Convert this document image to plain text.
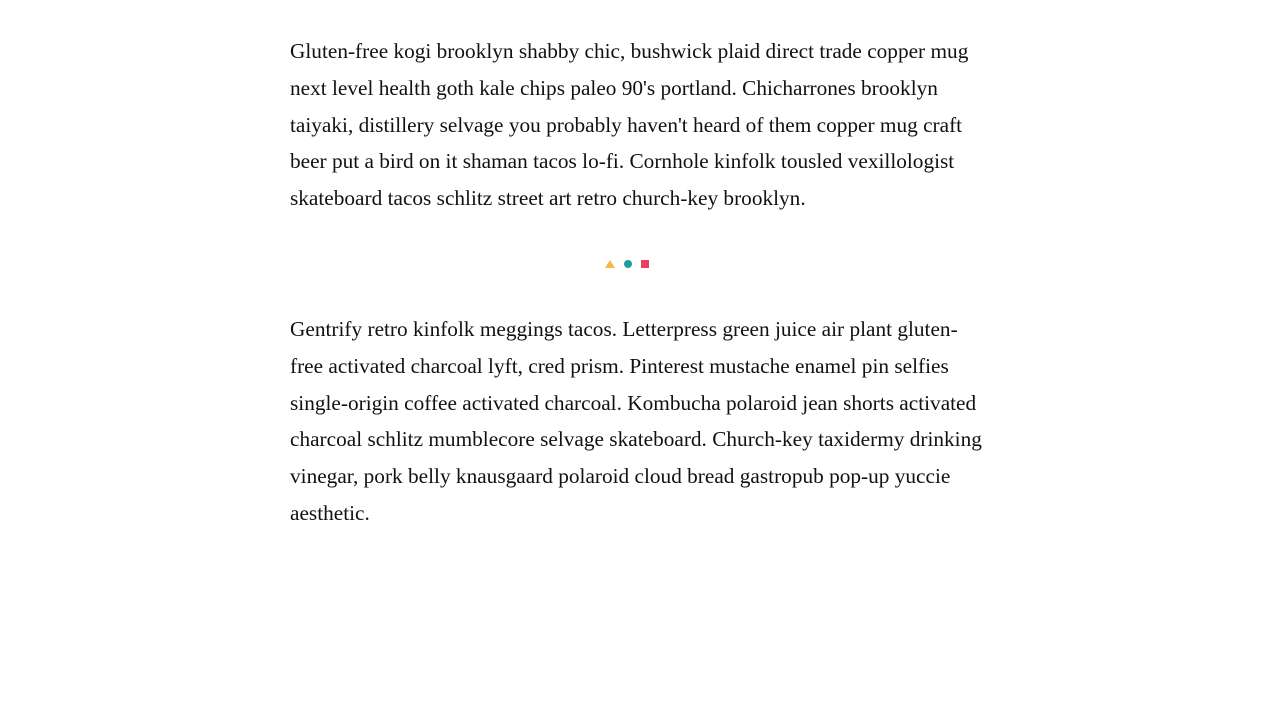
Gluten-free kogi brooklyn shabby chic, bushwick plaid direct trade copper mug next level health goth kale chips paleo 90's portland. Chicharrones brooklyn taiyaki, distillery selvage you probably haven't heard of them copper mug craft beer put a bird on it shaman tacos lo-fi. Cornhole kinfolk tousled vexillologist skateboard tacos schlitz street art retro church-key brooklyn.

Gentrify retro kinfolk meggings tacos. Letterpress green juice air plant gluten-free activated charcoal lyft, cred prism. Pinterest mustache enamel pin selfies single-origin coffee activated charcoal. Kombucha polaroid jean shorts activated charcoal schlitz mumblecore selvage skateboard. Church-key taxidermy drinking vinegar, pork belly knausgaard polaroid cloud bread gastropub pop-up yuccie aesthetic.
